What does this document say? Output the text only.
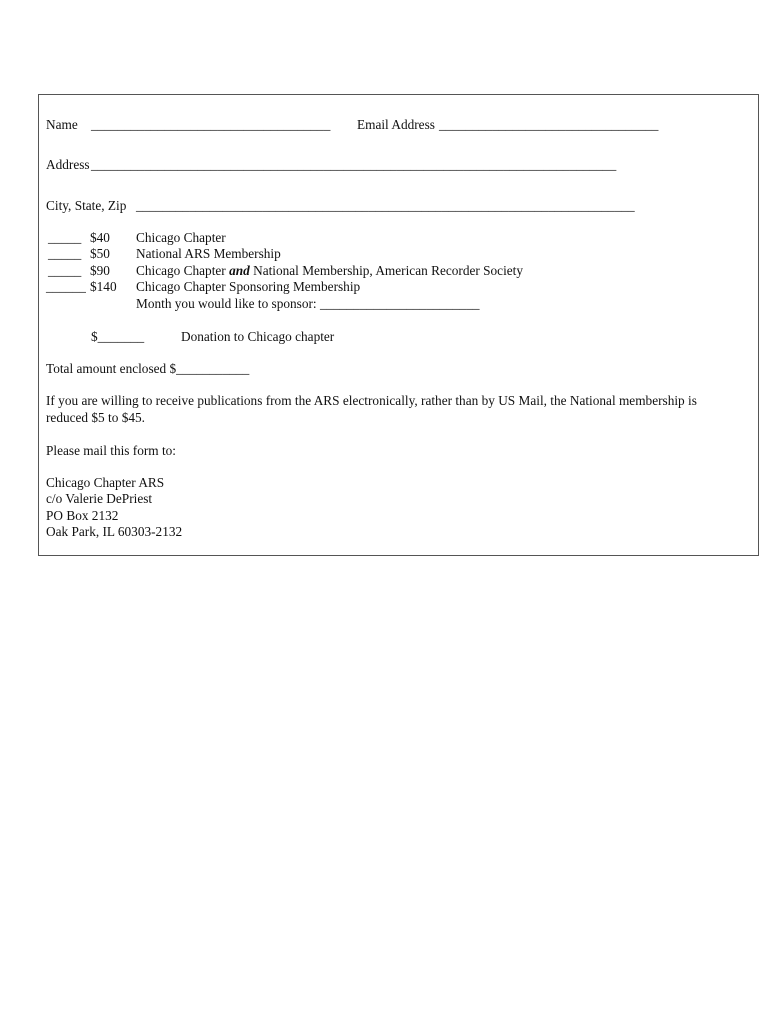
Name ____________________________________ Email Address _________________________________
Address _______________________________________________________________________________
City, State, Zip ___________________________________________________________________________
_____ $40 Chicago Chapter
_____ $50 National ARS Membership
_____ $90 Chicago Chapter and National Membership, American Recorder Society
______ $140 Chicago Chapter Sponsoring Membership
Month you would like to sponsor: ________________________
$_______	Donation to Chicago chapter
Total amount enclosed $___________
If you are willing to receive publications from the ARS electronically, rather than by US Mail, the National membership is reduced $5 to $45.
Please mail this form to:
Chicago Chapter ARS
c/o Valerie DePriest
PO Box 2132
Oak Park, IL 60303-2132
